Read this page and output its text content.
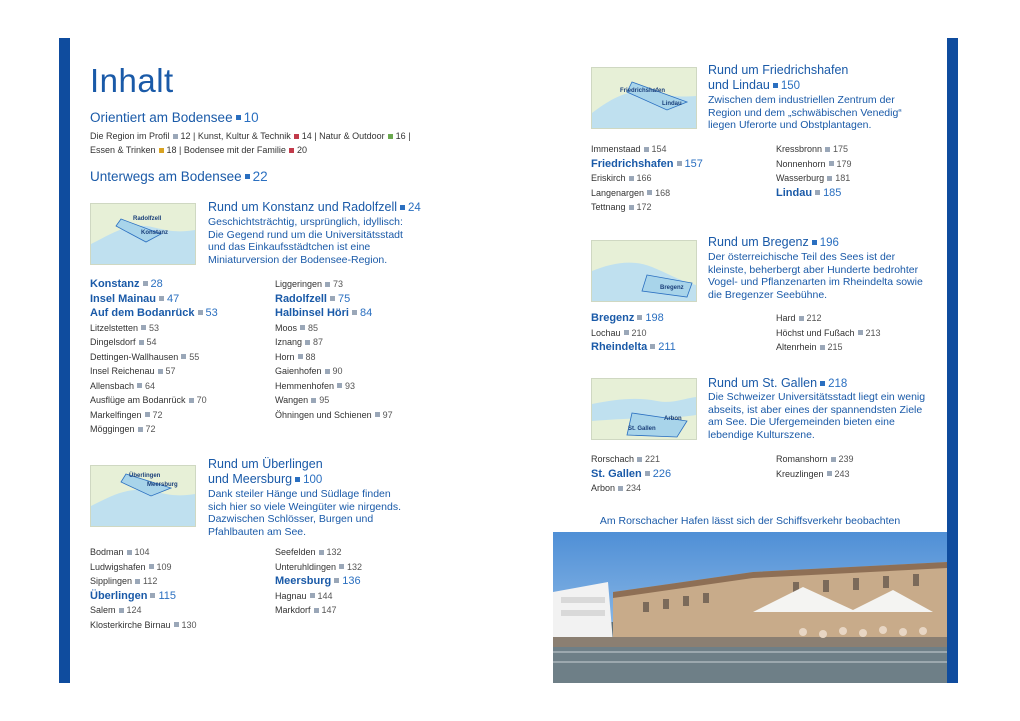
Inhalt
Orientiert am Bodensee 10
Die Region im Profil 12 | Kunst, Kultur & Technik 14 | Natur & Outdoor 16 |
Essen & Trinken 18 | Bodensee mit der Familie 20
Unterwegs am Bodensee 22
Radolfzell
Konstanz
Rund um Konstanz und Radolfzell 24
Geschichtsträchtig, ursprünglich, idyllisch: Die Gegend rund um die Universitätsstadt und das Einkaufsstädtchen ist eine Miniaturversion der Bodensee-Region.
Konstanz 28
Insel Mainau 47
Auf dem Bodanrück 53
Litzelstetten 53
Dingelsdorf 54
Dettingen-Wallhausen 55
Insel Reichenau 57
Allensbach 64
Ausflüge am Bodanrück 70
Markelfingen 72
Möggingen 72
Liggeringen 73
Radolfzell 75
Halbinsel Höri 84
Moos 85
Iznang 87
Horn 88
Gaienhofen 90
Hemmenhofen 93
Wangen 95
Öhningen und Schienen 97
Überlingen
Meersburg
Rund um Überlingen
und Meersburg 100
Dank steiler Hänge und Südlage finden sich hier so viele Weingüter wie nirgends. Dazwischen Schlösser, Burgen und Pfahlbauten am See.
Bodman 104
Ludwigshafen 109
Sipplingen 112
Überlingen 115
Salem 124
Klosterkirche Birnau 130
Seefelden 132
Unteruhldingen 132
Meersburg 136
Hagnau 144
Markdorf 147
Friedrichshafen
Lindau
Rund um Friedrichshafen
und Lindau 150
Zwischen dem industriellen Zentrum der Region und dem „schwäbischen Venedig“ liegen Uferorte und Obstplantagen.
Immenstaad 154
Friedrichshafen 157
Eriskirch 166
Langenargen 168
Tettnang 172
Kressbronn 175
Nonnenhorn 179
Wasserburg 181
Lindau 185
Bregenz
Rund um Bregenz 196
Der österreichische Teil des Sees ist der kleinste, beherbergt aber Hunderte bedrohter Vogel- und Pflanzenarten im Rheindelta sowie die Bregenzer Seebühne.
Bregenz 198
Lochau 210
Rheindelta 211
Hard 212
Höchst und Fußach 213
Altenrhein 215
Arbon
St. Gallen
Rund um St. Gallen 218
Die Schweizer Universitätsstadt liegt ein wenig abseits, ist aber eines der spannendsten Ziele am See. Die Ufergemeinden bieten eine lebendige Kulturszene.
Rorschach 221
St. Gallen 226
Arbon 234
Romanshorn 239
Kreuzlingen 243
Am Rorschacher Hafen lässt sich der Schiffsverkehr beobachten
